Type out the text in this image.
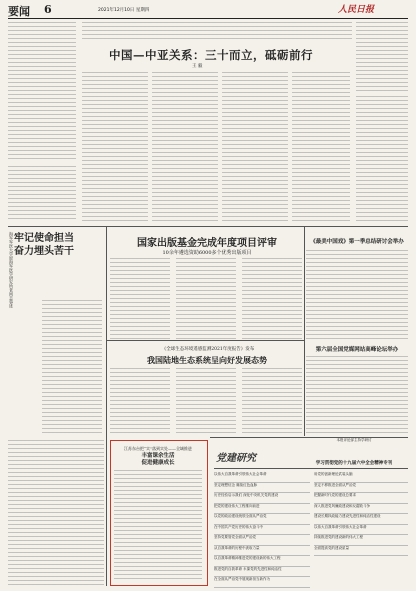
要闻 6	2021年12月10日 星期四	人民日报
中国—中亚关系：三十而立，砥砺前行
王 毅
海军军医大学原海军医学研究所老同志事迹 牢记使命担当
奋力埋头苦干
国家出版基金完成年度项目评审
10余年遴选资助6000多个优秀出版项目
《全球生态环境遥感监测2021年度报告》发布
我国陆地生态系统呈向好发展态势
《最美中国戏》第一季总结研讨会举办
第六届全国党媒网站高峰论坛举办
江苏东台把“实”落到实处——全域推进
丰富课余生活
促进健康成长	党建研究
本报评论部主持学研讨
学习贯彻党的十九届六中全会精神专刊
以伟大自我革命引领伟大社会革命
坚定理想信念 赓续红色血脉
历史经验启示我们 深化中央机关党的建设
把党的建设伟大工程推向前进
以党的政治建设统领全面从严治党
在中国共产党历史的伟大奋斗中
坚持党要管党全面从严治党
从自我革命的历程中汲取力量
以自我革命精神推进党的建设新的伟大工程
推进党的自我革命 永葆党的先进性和纯洁性
在全面从严治党中展现新担当新作为
用党的创新理论武装头脑
坚定不移推进全面从严治党
把握新时代党的建设总要求
深入推进党风廉政建设和反腐败斗争
建设长期执政能力建设先进性和纯洁性建设
以伟大自我革命引领伟大社会革命
持续推进党的建设新的伟大工程
全面提高党的建设质量
